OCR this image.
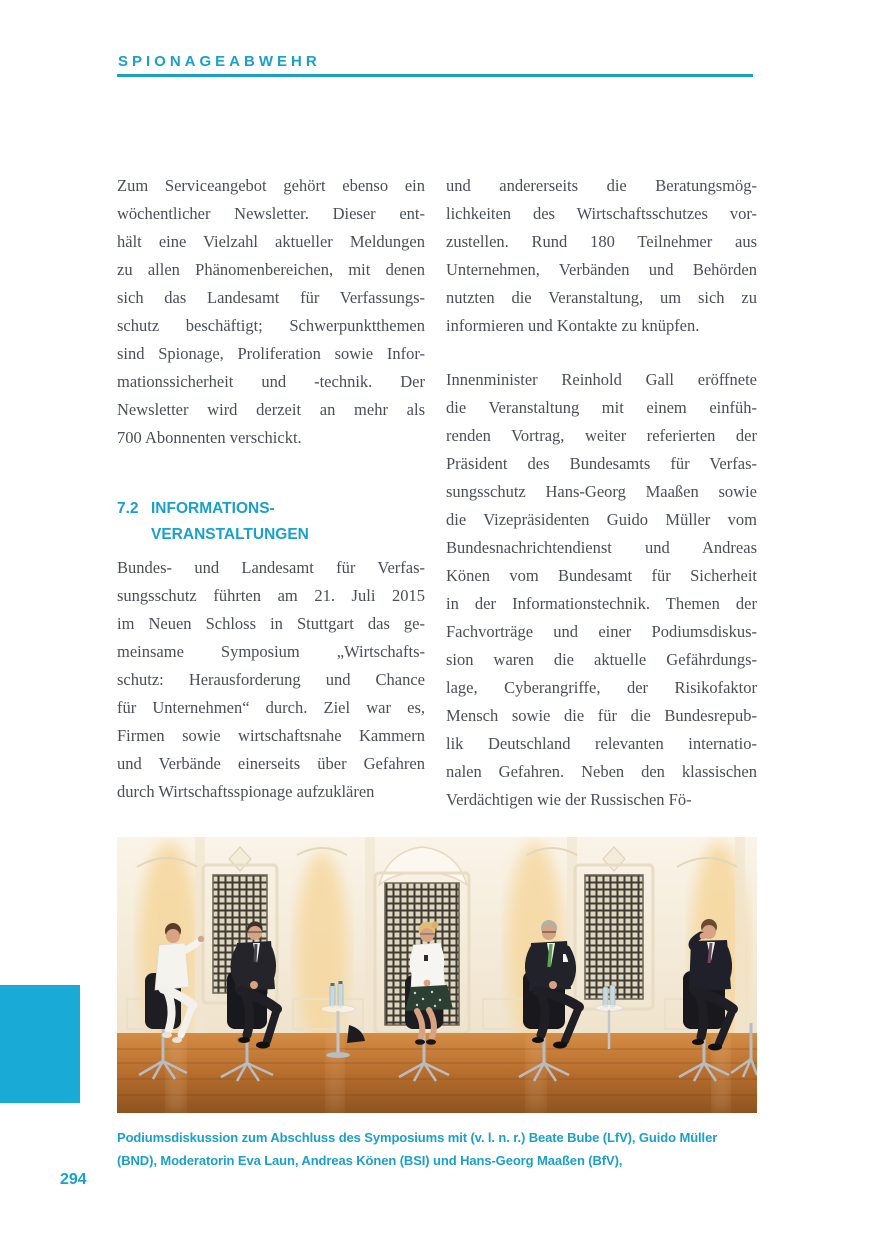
SPIONAGEABWEHR
Zum Serviceangebot gehört ebenso ein
wöchentlicher Newsletter. Dieser ent-
hält eine Vielzahl aktueller Meldungen
zu allen Phänomenbereichen, mit denen
sich das Landesamt für Verfassungs-
schutz beschäftigt; Schwerpunktthemen
sind Spionage, Proliferation sowie Infor-
mationssicherheit und -technik. Der
Newsletter wird derzeit an mehr als
700 Abonnenten verschickt.
7.2 INFORMATIONS-
VERANSTALTUNGEN
Bundes- und Landesamt für Verfas-
sungsschutz führten am 21. Juli 2015
im Neuen Schloss in Stuttgart das ge-
meinsame Symposium „Wirtschafts-
schutz: Herausforderung und Chance
für Unternehmen“ durch. Ziel war es,
Firmen sowie wirtschaftsnahe Kammern
und Verbände einerseits über Gefahren
durch Wirtschaftsspionage aufzuklären
und andererseits die Beratungsmög-
lichkeiten des Wirtschaftsschutzes vor-
zustellen. Rund 180 Teilnehmer aus
Unternehmen, Verbänden und Behörden
nutzten die Veranstaltung, um sich zu
informieren und Kontakte zu knüpfen.
Innenminister Reinhold Gall eröffnete
die Veranstaltung mit einem einfüh-
renden Vortrag, weiter referierten der
Präsident des Bundesamts für Verfas-
sungsschutz Hans-Georg Maaßen sowie
die Vizepräsidenten Guido Müller vom
Bundesnachrichtendienst und Andreas
Könen vom Bundesamt für Sicherheit
in der Informationstechnik. Themen der
Fachvorträge und einer Podiumsdiskus-
sion waren die aktuelle Gefährdungs-
lage, Cyberangriffe, der Risikofaktor
Mensch sowie die für die Bundesrepub-
lik Deutschland relevanten internatio-
nalen Gefahren. Neben den klassischen
Verdächtigen wie der Russischen Fö-
Podiumsdiskussion zum Abschluss des Symposiums mit (v. l. n. r.) Beate Bube (LfV), Guido Müller
(BND), Moderatorin Eva Laun, Andreas Könen (BSI) und Hans-Georg Maaßen (BfV),
294
